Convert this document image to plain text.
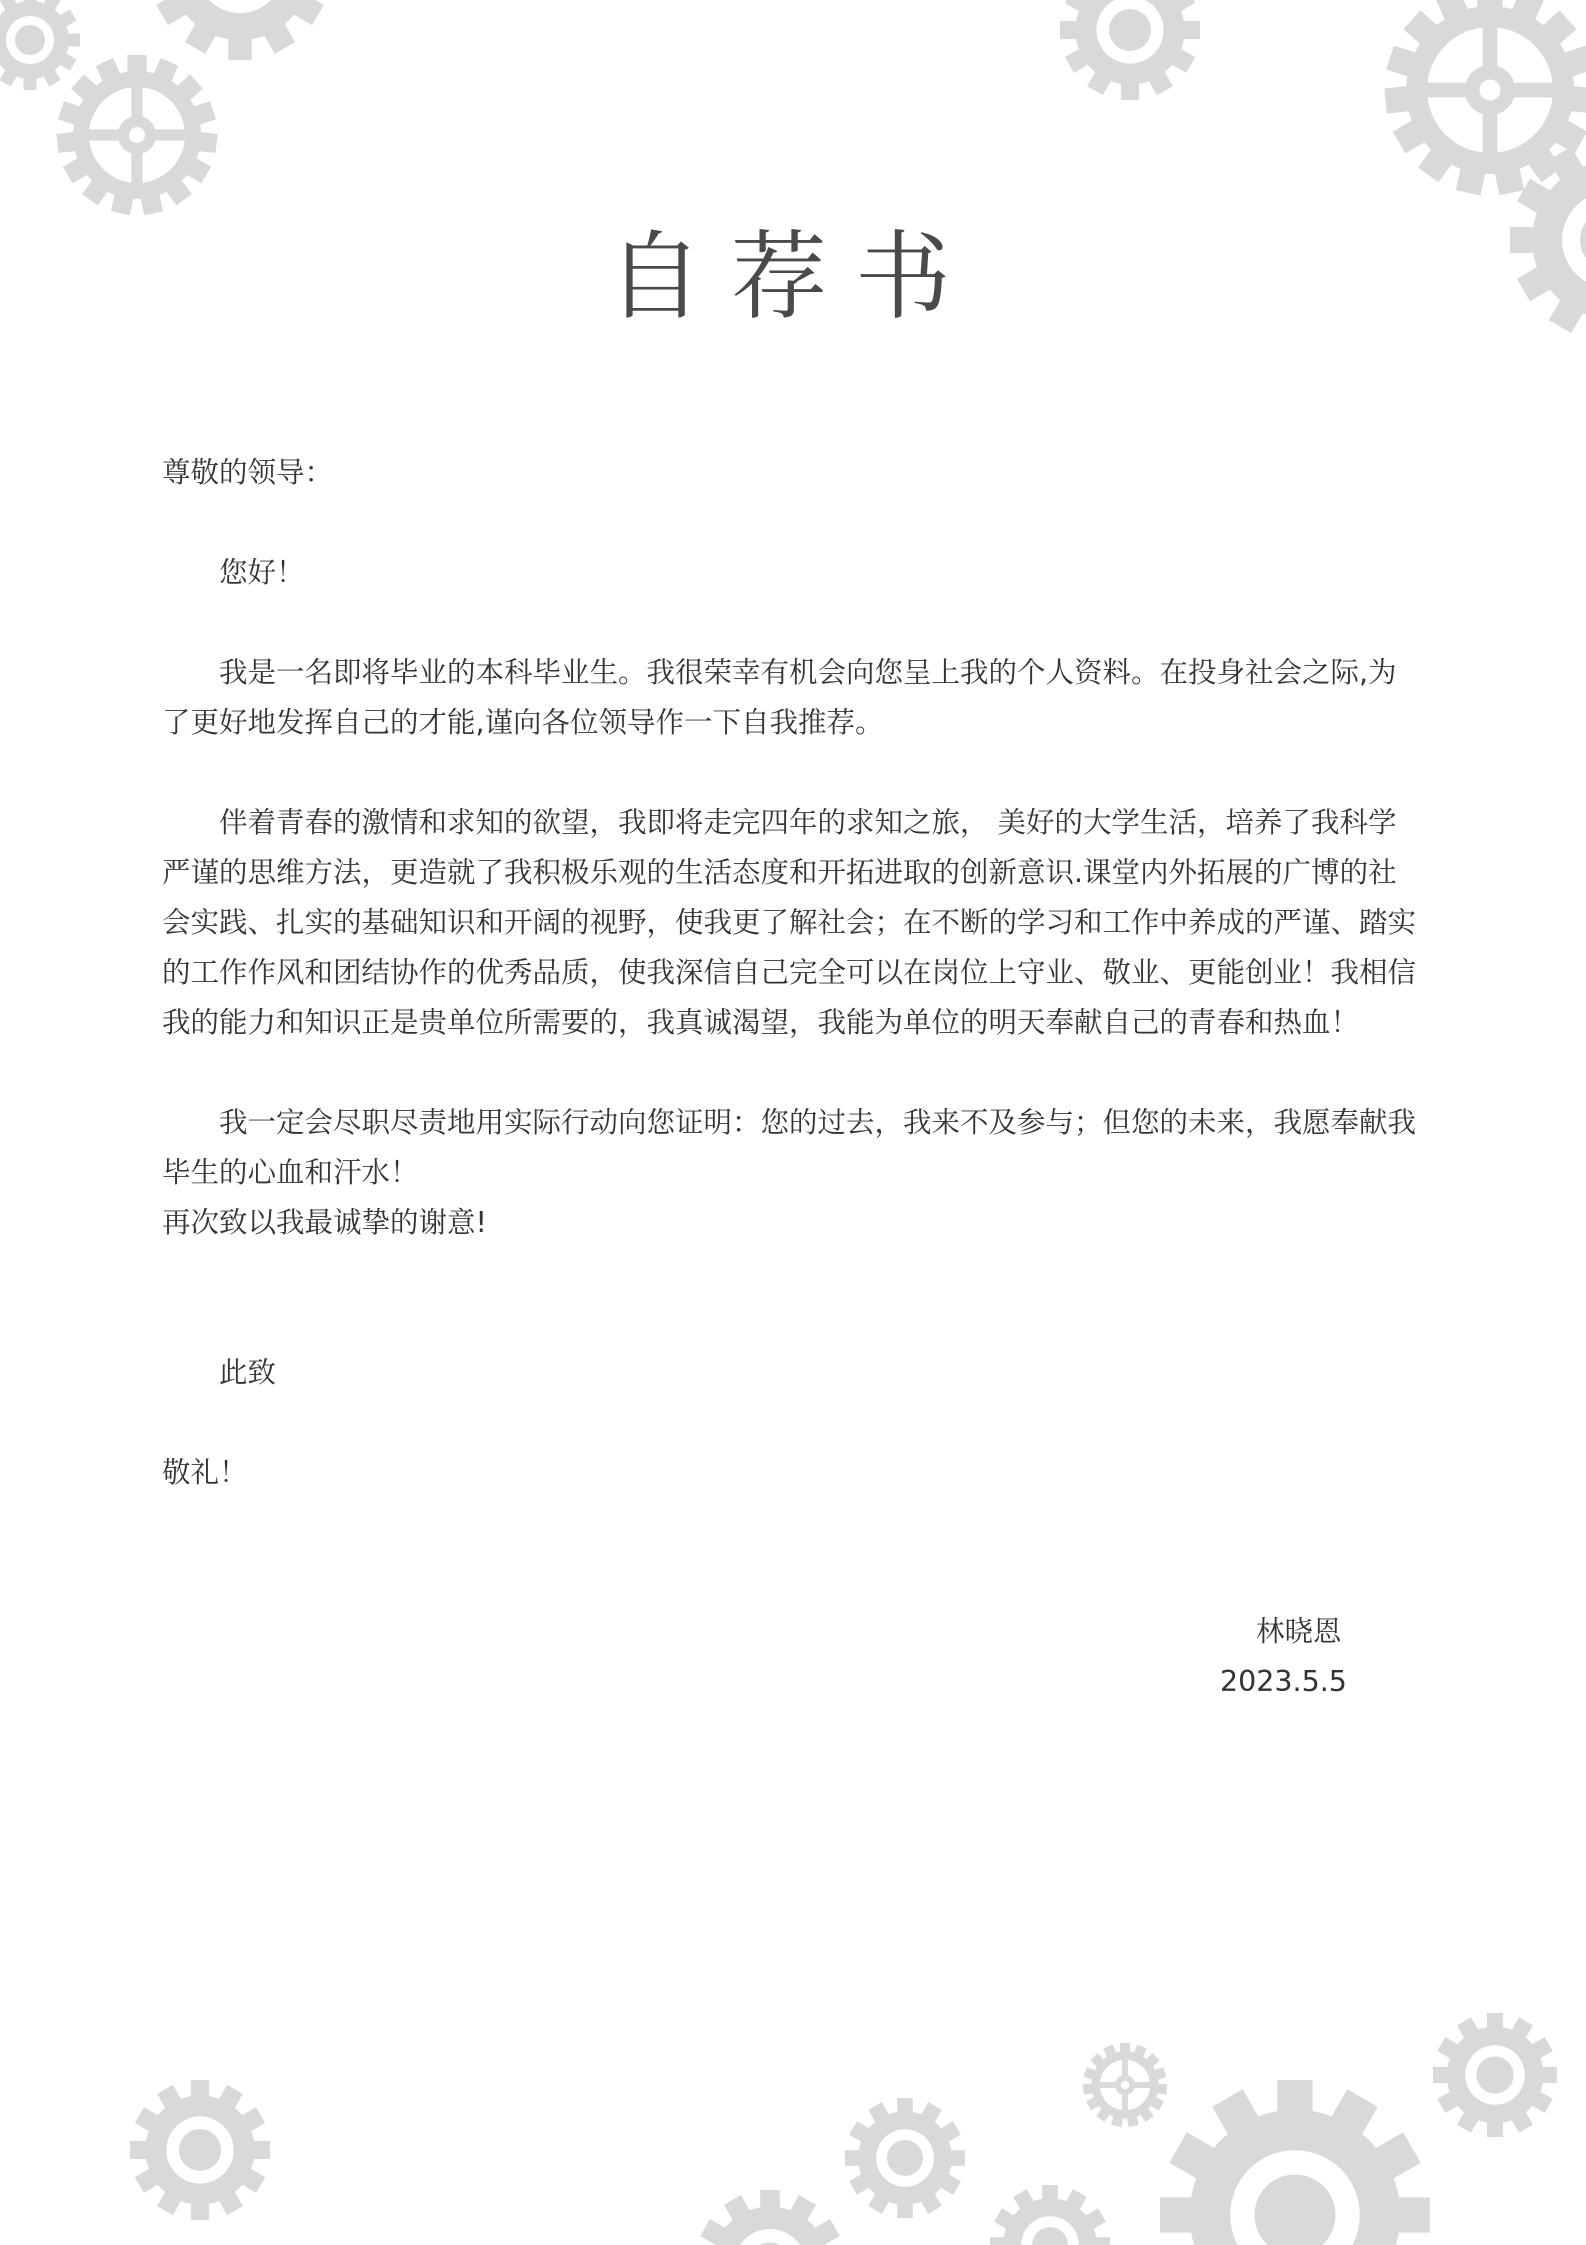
自荐书

尊敬的领导：

您好！

我是一名即将毕业的本科毕业生。我很荣幸有机会向您呈上我的个人资料。在投身社会之际,为了更好地发挥自己的才能,谨向各位领导作一下自我推荐。

伴着青春的激情和求知的欲望，我即将走完四年的求知之旅， 美好的大学生活，培养了我科学严谨的思维方法，更造就了我积极乐观的生活态度和开拓进取的创新意识.课堂内外拓展的广博的社会实践、扎实的基础知识和开阔的视野，使我更了解社会；在不断的学习和工作中养成的严谨、踏实的工作作风和团结协作的优秀品质，使我深信自己完全可以在岗位上守业、敬业、更能创业！我相信我的能力和知识正是贵单位所需要的，我真诚渴望，我能为单位的明天奉献自己的青春和热血！

我一定会尽职尽责地用实际行动向您证明：您的过去，我来不及参与；但您的未来，我愿奉献我毕生的心血和汗水！

再次致以我最诚挚的谢意!

此致

敬礼！

林晓恩
2023.5.5
